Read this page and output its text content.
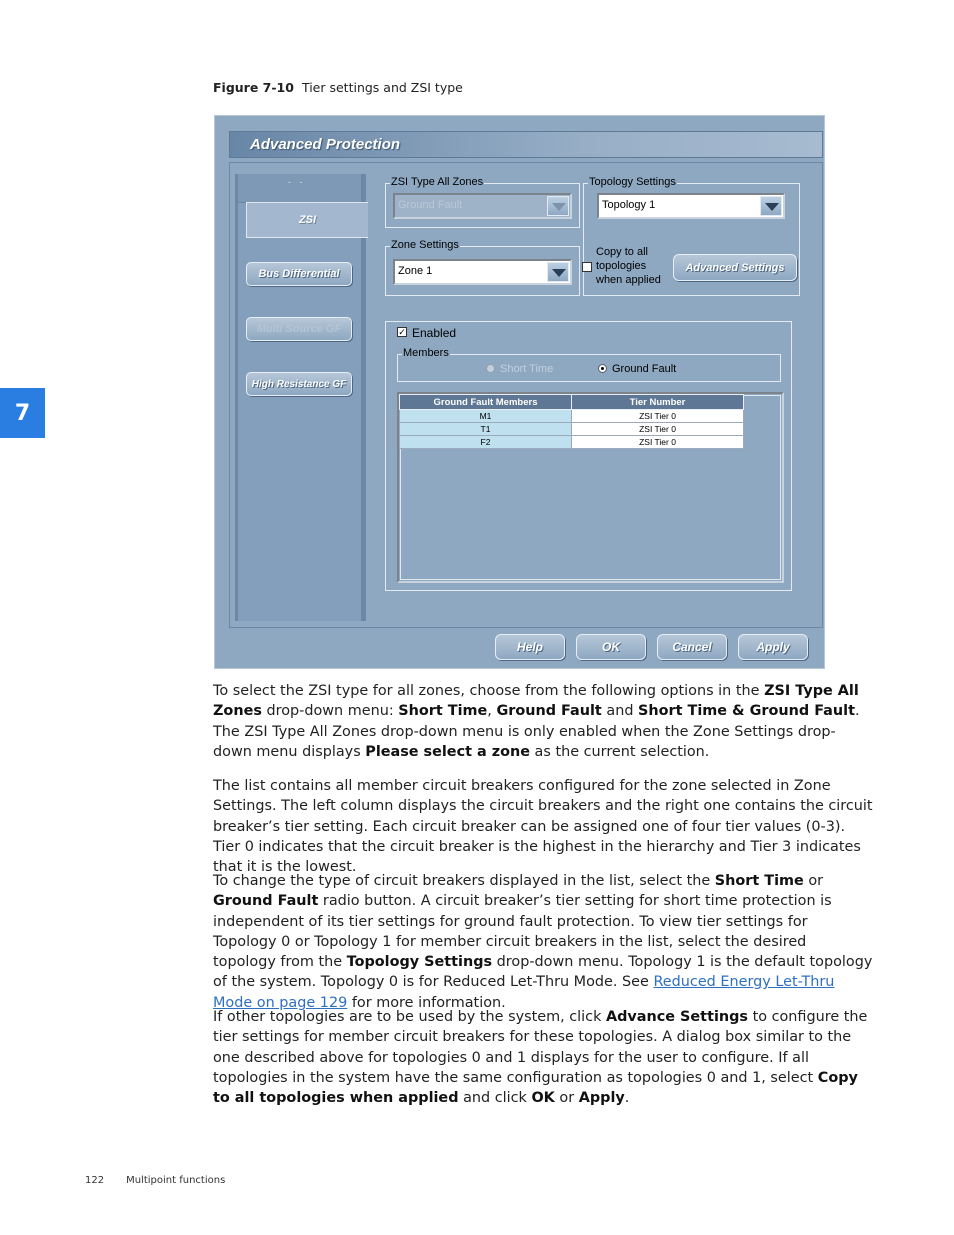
7
Figure 7-10 Tier settings and ZSI type
Advanced Protection
- -
ZSI
Bus Differential
Multi Source GF
High Resistance GF
ZSI Type All Zones
Ground Fault
Topology Settings
Topology 1
Zone Settings
Zone 1
Copy to all
topologies
when applied
Advanced Settings
✓ Enabled
Members
Short Time	Ground Fault
Ground Fault Members	Tier Number
M1	ZSI Tier 0
T1	ZSI Tier 0
F2	ZSI Tier 0
Help	OK	Cancel	Apply
To select the ZSI type for all zones, choose from the following options in the ZSI Type All Zones drop-down menu: Short Time, Ground Fault and Short Time & Ground Fault. The ZSI Type All Zones drop-down menu is only enabled when the Zone Settings drop-down menu displays Please select a zone as the current selection.
The list contains all member circuit breakers configured for the zone selected in Zone Settings. The left column displays the circuit breakers and the right one contains the circuit breaker’s tier setting. Each circuit breaker can be assigned one of four tier values (0-3). Tier 0 indicates that the circuit breaker is the highest in the hierarchy and Tier 3 indicates that it is the lowest.
To change the type of circuit breakers displayed in the list, select the Short Time or Ground Fault radio button. A circuit breaker’s tier setting for short time protection is independent of its tier settings for ground fault protection. To view tier settings for Topology 0 or Topology 1 for member circuit breakers in the list, select the desired topology from the Topology Settings drop-down menu. Topology 1 is the default topology of the system. Topology 0 is for Reduced Let-Thru Mode. See Reduced Energy Let-Thru Mode on page 129 for more information.
If other topologies are to be used by the system, click Advance Settings to configure the tier settings for member circuit breakers for these topologies. A dialog box similar to the one described above for topologies 0 and 1 displays for the user to configure. If all topologies in the system have the same configuration as topologies 0 and 1, select Copy to all topologies when applied and click OK or Apply.
122 Multipoint functions
